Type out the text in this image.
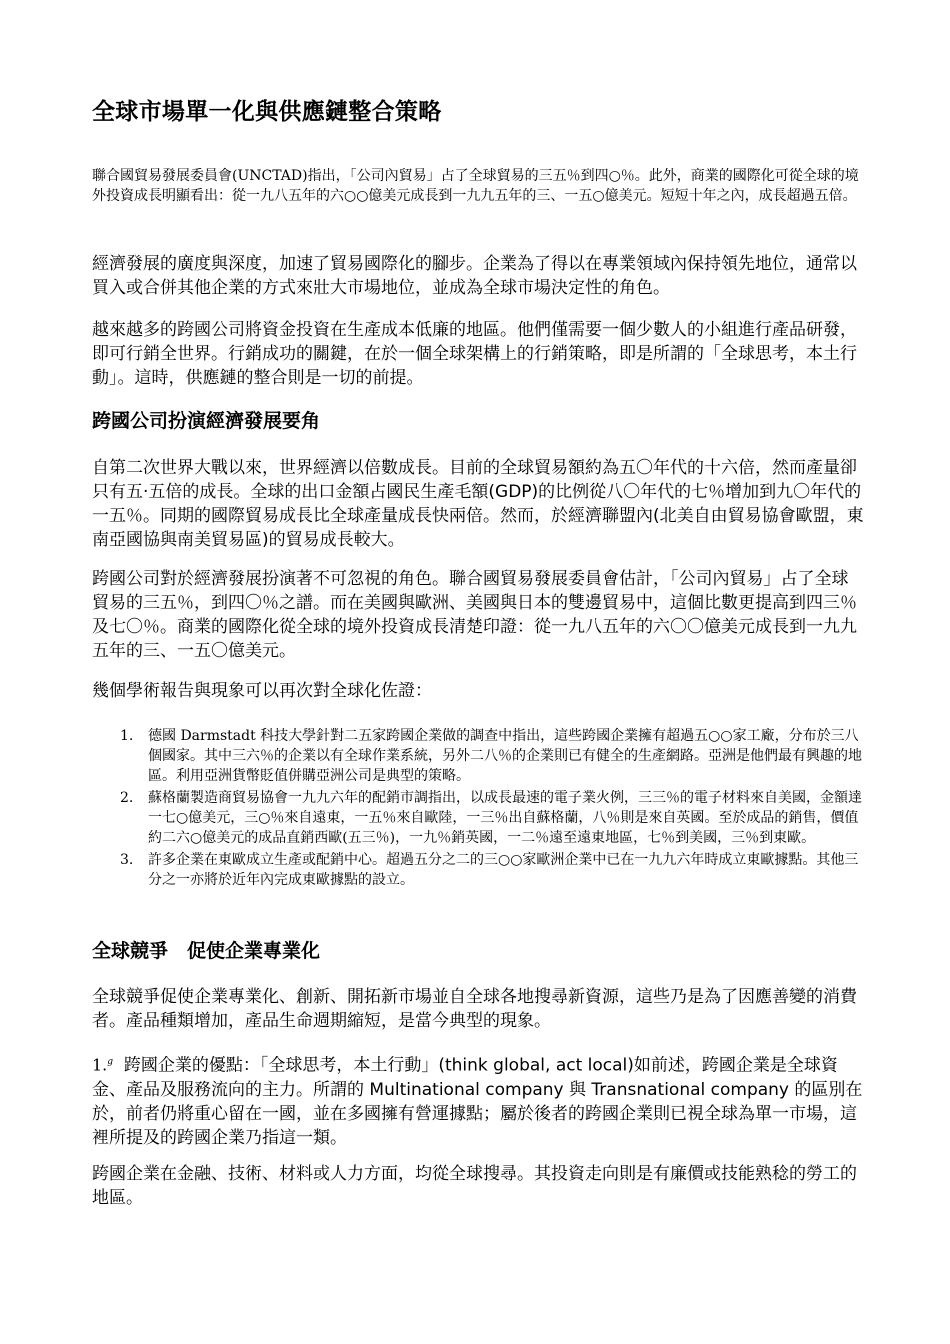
全球市場單一化與供應鏈整合策略

聯合國貿易發展委員會(UNCTAD)指出，「公司內貿易」占了全球貿易的三五％到四○％。此外，商業的國際化可從全球的境外投資成長明顯看出：從一九八五年的六○○億美元成長到一九九五年的三、一五○億美元。短短十年之內，成長超過五倍。

經濟發展的廣度與深度，加速了貿易國際化的腳步。企業為了得以在專業領域內保持領先地位，通常以買入或合併其他企業的方式來壯大市場地位，並成為全球市場決定性的角色。

越來越多的跨國公司將資金投資在生產成本低廉的地區。他們僅需要一個少數人的小組進行產品研發，即可行銷全世界。行銷成功的關鍵，在於一個全球架構上的行銷策略，即是所謂的「全球思考，本土行動」。這時，供應鏈的整合則是一切的前提。

跨國公司扮演經濟發展要角

自第二次世界大戰以來，世界經濟以倍數成長。目前的全球貿易額約為五〇年代的十六倍，然而產量卻只有五·五倍的成長。全球的出口金額占國民生產毛額(GDP)的比例從八〇年代的七％增加到九〇年代的一五％。同期的國際貿易成長比全球產量成長快兩倍。然而，於經濟聯盟內(北美自由貿易協會歐盟，東南亞國協與南美貿易區)的貿易成長較大。

跨國公司對於經濟發展扮演著不可忽視的角色。聯合國貿易發展委員會估計，「公司內貿易」占了全球貿易的三五％，到四〇％之譜。而在美國與歐洲、美國與日本的雙邊貿易中，這個比數更提高到四三％及七〇％。商業的國際化從全球的境外投資成長清楚印證：從一九八五年的六〇〇億美元成長到一九九五年的三、一五〇億美元。

幾個學術報告與現象可以再次對全球化佐證：

1. 德國 Darmstadt 科技大學針對二五家跨國企業做的調查中指出，這些跨國企業擁有超過五○○家工廠，分布於三八個國家。其中三六％的企業以有全球作業系統，另外二八％的企業則已有健全的生產網路。亞洲是他們最有興趣的地區。利用亞洲貨幣貶值併購亞洲公司是典型的策略。
2. 蘇格蘭製造商貿易協會一九九六年的配銷市調指出，以成長最速的電子業火例，三三％的電子材料來自美國，金額達一七○億美元，三○％來自遠東，一五％來自歐陸，一三％出自蘇格蘭，八％則是來自英國。至於成品的銷售，價值約二六○億美元的成品直銷西歐(五三％)，一九％銷英國，一二％遠至遠東地區，七％到美國，三％到東歐。
3. 許多企業在東歐成立生產或配銷中心。超過五分之二的三○○家歐洲企業中已在一九九六年時成立東歐據點。其他三分之一亦將於近年內完成東歐據點的設立。
全球競爭　促使企業專業化

全球競爭促使企業專業化、創新、開拓新市場並自全球各地搜尋新資源，這些乃是為了因應善變的消費者。產品種類增加，產品生命週期縮短，是當今典型的現象。

1.$^g$ 跨國企業的優點：「全球思考，本土行動」(think global, act local)如前述，跨國企業是全球資金、產品及服務流向的主力。所謂的 Multinational company 與 Transnational company 的區別在於，前者仍將重心留在一國，並在多國擁有營運據點；屬於後者的跨國企業則已視全球為單一市場，這裡所提及的跨國企業乃指這一類。

跨國企業在金融、技術、材料或人力方面，均從全球搜尋。其投資走向則是有廉價或技能熟稔的勞工的地區。
